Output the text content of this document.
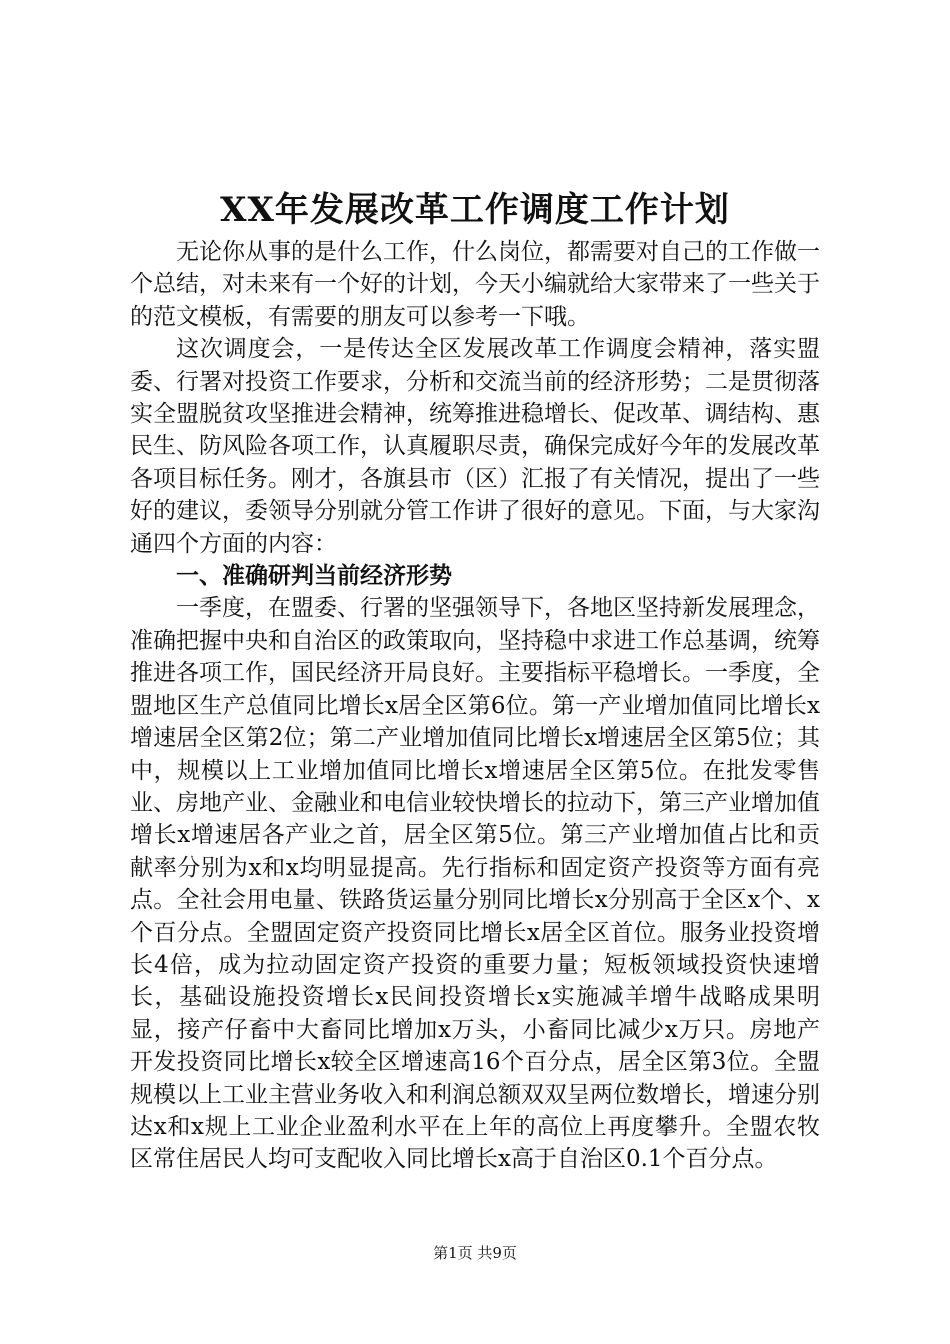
XX年发展改革工作调度工作计划

无论你从事的是什么工作，什么岗位，都需要对自己的工作做一个总结，对未来有一个好的计划，今天小编就给大家带来了一些关于的范文模板，有需要的朋友可以参考一下哦。

这次调度会，一是传达全区发展改革工作调度会精神，落实盟委、行署对投资工作要求，分析和交流当前的经济形势；二是贯彻落实全盟脱贫攻坚推进会精神，统筹推进稳增长、促改革、调结构、惠民生、防风险各项工作，认真履职尽责，确保完成好今年的发展改革各项目标任务。刚才，各旗县市（区）汇报了有关情况，提出了一些好的建议，委领导分别就分管工作讲了很好的意见。下面，与大家沟通四个方面的内容：

一、准确研判当前经济形势

一季度，在盟委、行署的坚强领导下，各地区坚持新发展理念，准确把握中央和自治区的政策取向，坚持稳中求进工作总基调，统筹推进各项工作，国民经济开局良好。主要指标平稳增长。一季度，全盟地区生产总值同比增长x居全区第6位。第一产业增加值同比增长x增速居全区第2位；第二产业增加值同比增长x增速居全区第5位；其中，规模以上工业增加值同比增长x增速居全区第5位。在批发零售业、房地产业、金融业和电信业较快增长的拉动下，第三产业增加值增长x增速居各产业之首，居全区第5位。第三产业增加值占比和贡献率分别为x和x均明显提高。先行指标和固定资产投资等方面有亮点。全社会用电量、铁路货运量分别同比增长x分别高于全区x个、x个百分点。全盟固定资产投资同比增长x居全区首位。服务业投资增长4倍，成为拉动固定资产投资的重要力量；短板领域投资快速增长，基础设施投资增长x民间投资增长x实施减羊增牛战略成果明显，接产仔畜中大畜同比增加x万头，小畜同比减少x万只。房地产开发投资同比增长x较全区增速高16个百分点，居全区第3位。全盟规模以上工业主营业务收入和利润总额双双呈两位数增长，增速分别达x和x规上工业企业盈利水平在上年的高位上再度攀升。全盟农牧区常住居民人均可支配收入同比增长x高于自治区0.1个百分点。

第1页 共9页
